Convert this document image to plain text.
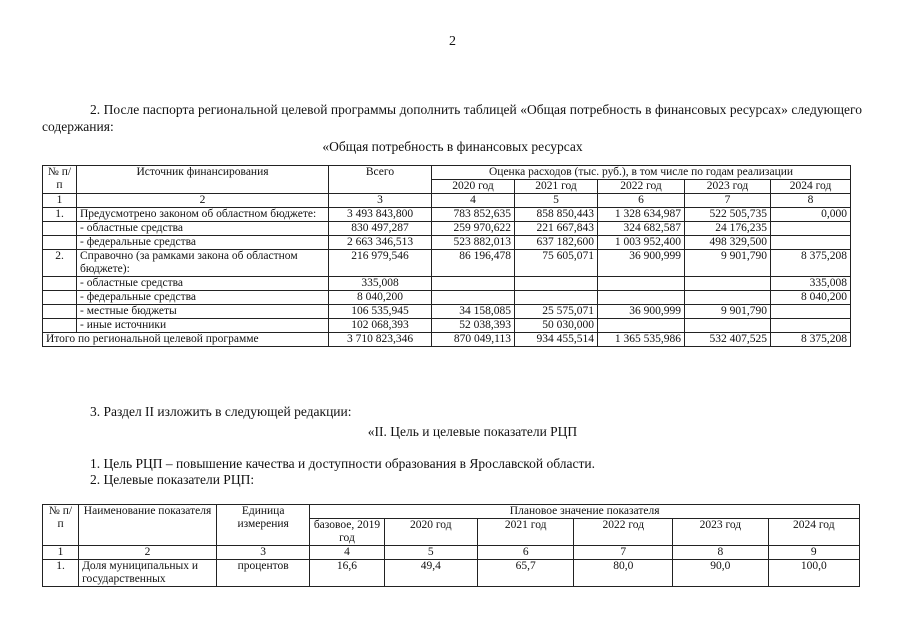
2
2. После паспорта региональной целевой программы дополнить таблицей «Общая потребность в финансовых ресурсах» следующего содержания:
«Общая потребность в финансовых ресурсах
№ п/п	Источник финансирования	Всего	Оценка расходов (тыс. руб.), в том числе по годам реализации				
			2020 год	2021 год	2022 год	2023 год	2024 год
1	2	3	4	5	6	7	8
1.	Предусмотрено законом об областном бюджете:	3 493 843,800	783 852,635	858 850,443	1 328 634,987	522 505,735	0,000
	- областные средства	830 497,287	259 970,622	221 667,843	324 682,587	24 176,235	
	- федеральные средства	2 663 346,513	523 882,013	637 182,600	1 003 952,400	498 329,500	
2.	Справочно (за рамками закона об областном бюджете):	216 979,546	86 196,478	75 605,071	36 900,999	9 901,790	8 375,208
	- областные средства	335,008					335,008
	- федеральные средства	8 040,200					8 040,200
	- местные бюджеты	106 535,945	34 158,085	25 575,071	36 900,999	9 901,790	
	- иные источники	102 068,393	52 038,393	50 030,000			
Итого по региональной целевой программе		3 710 823,346	870 049,113	934 455,514	1 365 535,986	532 407,525	8 375,208
3. Раздел II изложить в следующей редакции:
«II. Цель и целевые показатели РЦП
1. Цель РЦП – повышение качества и доступности образования в Ярославской области.
2. Целевые показатели РЦП:
№ п/п	Наименование показателя	Единица измерения	Плановое значение показателя					
			базовое, 2019 год	2020 год	2021 год	2022 год	2023 год	2024 год
1	2	3	4	5	6	7	8	9
1.	Доля муниципальных и государственных	процентов	16,6	49,4	65,7	80,0	90,0	100,0
